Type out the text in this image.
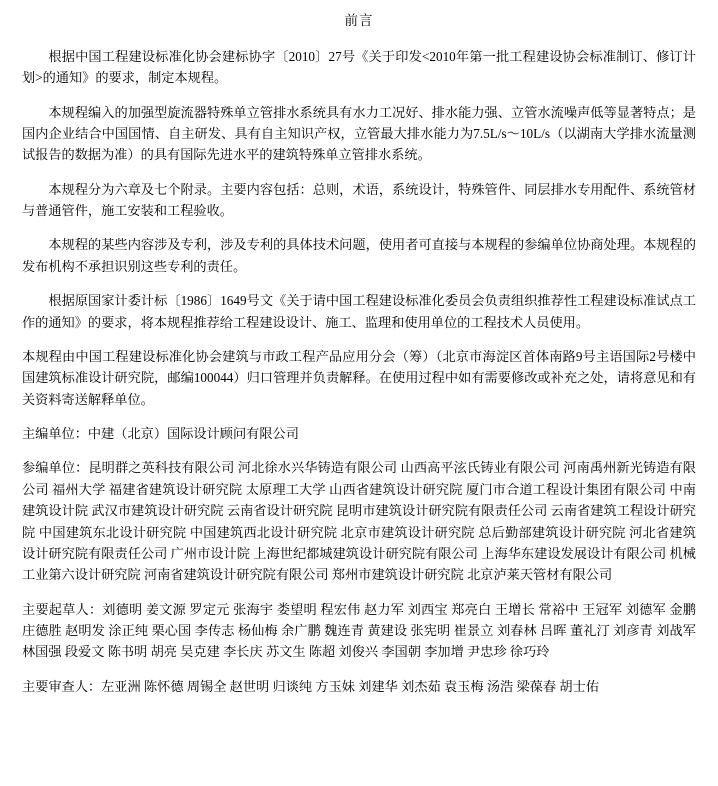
前言

根据中国工程建设标准化协会建标协字〔2010〕27号《关于印发<2010年第一批工程建设协会标准制订、修订计划>的通知》的要求，制定本规程。

本规程编入的加强型旋流器特殊单立管排水系统具有水力工况好、排水能力强、立管水流噪声低等显著特点；是国内企业结合中国国情、自主研发、具有自主知识产权，立管最大排水能力为7.5L/s～10L/s（以湖南大学排水流量测试报告的数据为准）的具有国际先进水平的建筑特殊单立管排水系统。

本规程分为六章及七个附录。主要内容包括：总则，术语，系统设计，特殊管件、同层排水专用配件、系统管材与普通管件，施工安装和工程验收。

本规程的某些内容涉及专利，涉及专利的具体技术问题，使用者可直接与本规程的参编单位协商处理。本规程的发布机构不承担识别这些专利的责任。

根据原国家计委计标〔1986〕1649号文《关于请中国工程建设标准化委员会负责组织推荐性工程建设标准试点工作的通知》的要求，将本规程推荐给工程建设设计、施工、监理和使用单位的工程技术人员使用。

本规程由中国工程建设标准化协会建筑与市政工程产品应用分会（筹）（北京市海淀区首体南路9号主语国际2号楼中国建筑标准设计研究院，邮编100044）归口管理并负责解释。在使用过程中如有需要修改或补充之处，请将意见和有关资料寄送解释单位。

主编单位：中建（北京）国际设计顾问有限公司

参编单位：昆明群之英科技有限公司 河北徐水兴华铸造有限公司 山西高平泫氏铸业有限公司 河南禹州新光铸造有限公司 福州大学 福建省建筑设计研究院 太原理工大学 山西省建筑设计研究院 厦门市合道工程设计集团有限公司 中南建筑设计院 武汉市建筑设计研究院 云南省设计研究院 昆明市建筑设计研究院有限责任公司 云南省建筑工程设计研究院 中国建筑东北设计研究院 中国建筑西北设计研究院 北京市建筑设计研究院 总后勤部建筑设计研究院 河北省建筑设计研究院有限责任公司 广州市设计院 上海世纪都城建筑设计研究院有限公司 上海华东建设发展设计有限公司 机械工业第六设计研究院 河南省建筑设计研究院有限公司 郑州市建筑设计研究院 北京泸莱天管材有限公司

主要起草人：刘德明 姜文源 罗定元 张海宇 娄望明 程宏伟 赵力军 刘西宝 郑亮白 王增长 常裕中 王冠军 刘德军 金鹏 庄德胜 赵明发 涂正纯 栗心国 李传志 杨仙梅 余广鹏 魏连青 黄建设 张宪明 崔景立 刘春林 吕晖 董礼汀 刘彦青 刘战军 林国强 段爱文 陈书明 胡亮 吴克建 李长庆 苏文生 陈超 刘俊兴 李国朝 李加增 尹忠珍 徐巧玲

主要审查人：左亚洲 陈怀德 周锡全 赵世明 归谈纯 方玉妹 刘建华 刘杰茹 袁玉梅 汤浩 梁葆春 胡士佑
